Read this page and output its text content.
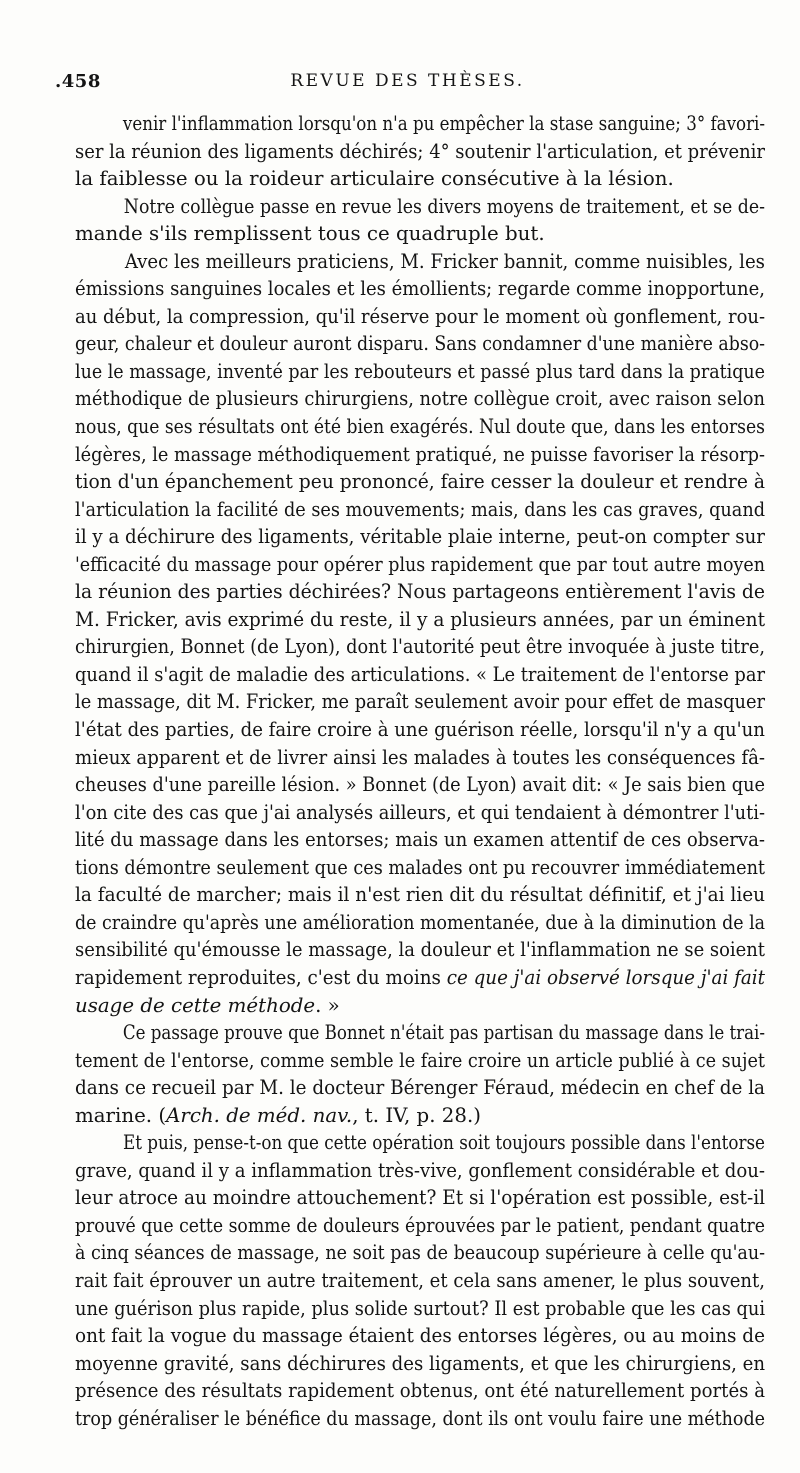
.458	REVUE DES THÈSES.
venir l'inflammation lorsqu'on n'a pu empêcher la stase sanguine; 3° favori-
ser la réunion des ligaments déchirés; 4° soutenir l'articulation, et prévenir
la faiblesse ou la roideur articulaire consécutive à la lésion.
Notre collègue passe en revue les divers moyens de traitement, et se de-
mande s'ils remplissent tous ce quadruple but.
Avec les meilleurs praticiens, M. Fricker bannit, comme nuisibles, les
émissions sanguines locales et les émollients; regarde comme inopportune,
au début, la compression, qu'il réserve pour le moment où gonflement, rou-
geur, chaleur et douleur auront disparu. Sans condamner d'une manière abso-
lue le massage, inventé par les rebouteurs et passé plus tard dans la pratique
méthodique de plusieurs chirurgiens, notre collègue croit, avec raison selon
nous, que ses résultats ont été bien exagérés. Nul doute que, dans les entorses
légères, le massage méthodiquement pratiqué, ne puisse favoriser la résorp-
tion d'un épanchement peu prononcé, faire cesser la douleur et rendre à
l'articulation la facilité de ses mouvements; mais, dans les cas graves, quand
il y a déchirure des ligaments, véritable plaie interne, peut-on compter sur
'efficacité du massage pour opérer plus rapidement que par tout autre moyen
la réunion des parties déchirées? Nous partageons entièrement l'avis de
M. Fricker, avis exprimé du reste, il y a plusieurs années, par un éminent
chirurgien, Bonnet (de Lyon), dont l'autorité peut être invoquée à juste titre,
quand il s'agit de maladie des articulations. « Le traitement de l'entorse par
le massage, dit M. Fricker, me paraît seulement avoir pour effet de masquer
l'état des parties, de faire croire à une guérison réelle, lorsqu'il n'y a qu'un
mieux apparent et de livrer ainsi les malades à toutes les conséquences fâ-
cheuses d'une pareille lésion. » Bonnet (de Lyon) avait dit: « Je sais bien que
l'on cite des cas que j'ai analysés ailleurs, et qui tendaient à démontrer l'uti-
lité du massage dans les entorses; mais un examen attentif de ces observa-
tions démontre seulement que ces malades ont pu recouvrer immédiatement
la faculté de marcher; mais il n'est rien dit du résultat définitif, et j'ai lieu
de craindre qu'après une amélioration momentanée, due à la diminution de la
sensibilité qu'émousse le massage, la douleur et l'inflammation ne se soient
rapidement reproduites, c'est du moins ce que j'ai observé lorsque j'ai fait
usage de cette méthode. »
Ce passage prouve que Bonnet n'était pas partisan du massage dans le trai-
tement de l'entorse, comme semble le faire croire un article publié à ce sujet
dans ce recueil par M. le docteur Bérenger Féraud, médecin en chef de la
marine. (Arch. de méd. nav., t. IV, p. 28.)
Et puis, pense-t-on que cette opération soit toujours possible dans l'entorse
grave, quand il y a inflammation très-vive, gonflement considérable et dou-
leur atroce au moindre attouchement? Et si l'opération est possible, est-il
prouvé que cette somme de douleurs éprouvées par le patient, pendant quatre
à cinq séances de massage, ne soit pas de beaucoup supérieure à celle qu'au-
rait fait éprouver un autre traitement, et cela sans amener, le plus souvent,
une guérison plus rapide, plus solide surtout? Il est probable que les cas qui
ont fait la vogue du massage étaient des entorses légères, ou au moins de
moyenne gravité, sans déchirures des ligaments, et que les chirurgiens, en
présence des résultats rapidement obtenus, ont été naturellement portés à
trop généraliser le bénéfice du massage, dont ils ont voulu faire une méthode
